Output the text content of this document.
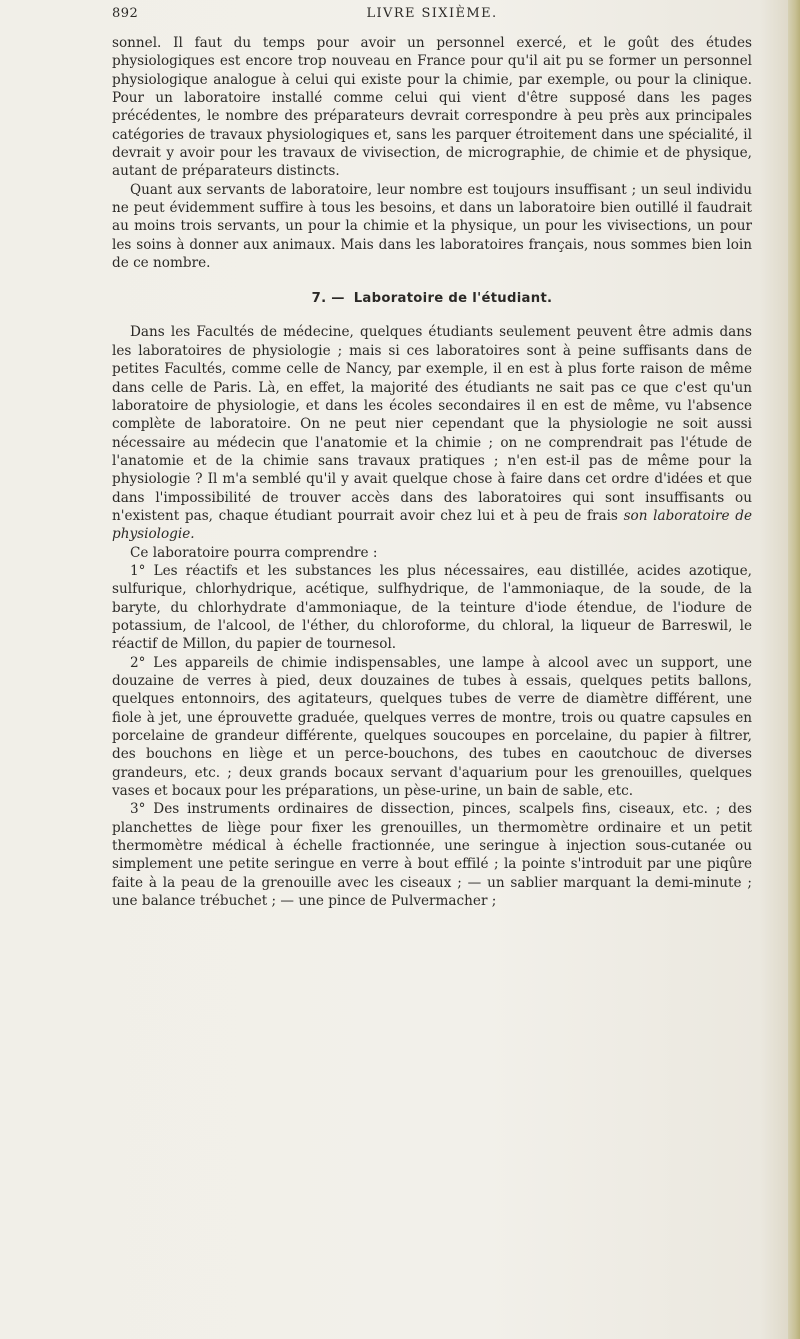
892	LIVRE SIXIÈME.

sonnel. Il faut du temps pour avoir un personnel exercé, et le goût des études physiologiques est encore trop nouveau en France pour qu'il ait pu se former un personnel physiologique analogue à celui qui existe pour la chimie, par exemple, ou pour la clinique. Pour un laboratoire installé comme celui qui vient d'être supposé dans les pages précédentes, le nombre des préparateurs devrait correspondre à peu près aux principales catégories de travaux physiologiques et, sans les parquer étroitement dans une spécialité, il devrait y avoir pour les travaux de vivisection, de micrographie, de chimie et de physique, autant de préparateurs distincts.

Quant aux servants de laboratoire, leur nombre est toujours insuffisant ; un seul individu ne peut évidemment suffire à tous les besoins, et dans un laboratoire bien outillé il faudrait au moins trois servants, un pour la chimie et la physique, un pour les vivisections, un pour les soins à donner aux animaux. Mais dans les laboratoires français, nous sommes bien loin de ce nombre.

7. — Laboratoire de l'étudiant.

Dans les Facultés de médecine, quelques étudiants seulement peuvent être admis dans les laboratoires de physiologie ; mais si ces laboratoires sont à peine suffisants dans de petites Facultés, comme celle de Nancy, par exemple, il en est à plus forte raison de même dans celle de Paris. Là, en effet, la majorité des étudiants ne sait pas ce que c'est qu'un laboratoire de physiologie, et dans les écoles secondaires il en est de même, vu l'absence complète de laboratoire. On ne peut nier cependant que la physiologie ne soit aussi nécessaire au médecin que l'anatomie et la chimie ; on ne comprendrait pas l'étude de l'anatomie et de la chimie sans travaux pratiques ; n'en est-il pas de même pour la physiologie ? Il m'a semblé qu'il y avait quelque chose à faire dans cet ordre d'idées et que dans l'impossibilité de trouver accès dans des laboratoires qui sont insuffisants ou n'existent pas, chaque étudiant pourrait avoir chez lui et à peu de frais son laboratoire de physiologie.

Ce laboratoire pourra comprendre :

1° Les réactifs et les substances les plus nécessaires, eau distillée, acides azotique, sulfurique, chlorhydrique, acétique, sulfhydrique, de l'ammoniaque, de la soude, de la baryte, du chlorhydrate d'ammoniaque, de la teinture d'iode étendue, de l'iodure de potassium, de l'alcool, de l'éther, du chloroforme, du chloral, la liqueur de Barreswil, le réactif de Millon, du papier de tournesol.

2° Les appareils de chimie indispensables, une lampe à alcool avec un support, une douzaine de verres à pied, deux douzaines de tubes à essais, quelques petits ballons, quelques entonnoirs, des agitateurs, quelques tubes de verre de diamètre différent, une fiole à jet, une éprouvette graduée, quelques verres de montre, trois ou quatre capsules en porcelaine de grandeur différente, quelques soucoupes en porcelaine, du papier à filtrer, des bouchons en liège et un perce-bouchons, des tubes en caoutchouc de diverses grandeurs, etc. ; deux grands bocaux servant d'aquarium pour les grenouilles, quelques vases et bocaux pour les préparations, un pèse-urine, un bain de sable, etc.

3° Des instruments ordinaires de dissection, pinces, scalpels fins, ciseaux, etc. ; des planchettes de liège pour fixer les grenouilles, un thermomètre ordinaire et un petit thermomètre médical à échelle fractionnée, une seringue à injection sous-cutanée ou simplement une petite seringue en verre à bout effilé ; la pointe s'introduit par une piqûre faite à la peau de la grenouille avec les ciseaux ; — un sablier marquant la demi-minute ; une balance trébuchet ; — une pince de Pulvermacher ;
